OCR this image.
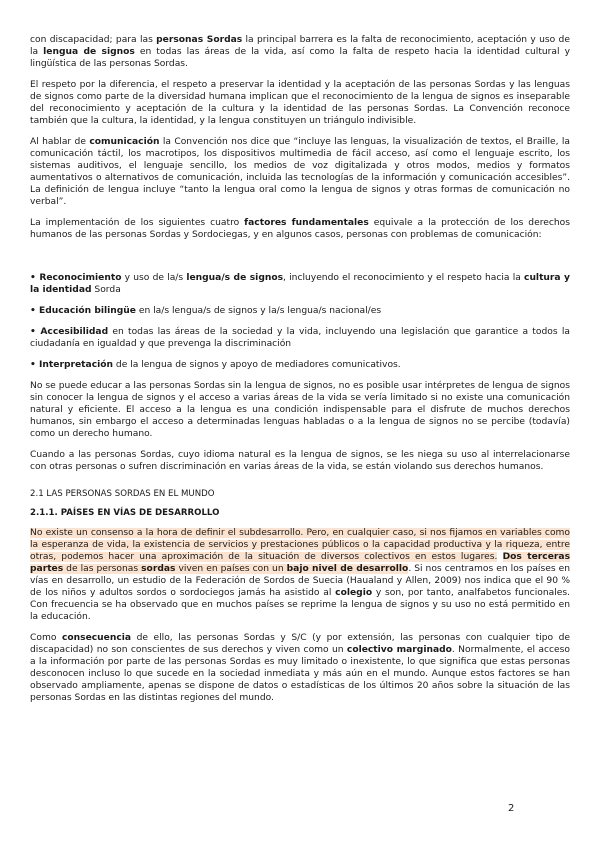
con discapacidad; para las personas Sordas la principal barrera es la falta de reconocimiento, aceptación y uso de la lengua de signos en todas las áreas de la vida, así como la falta de respeto hacia la identidad cultural y lingüística de las personas Sordas.

El respeto por la diferencia, el respeto a preservar la identidad y la aceptación de las personas Sordas y las lenguas de signos como parte de la diversidad humana implican que el reconocimiento de la lengua de signos es inseparable del reconocimiento y aceptación de la cultura y la identidad de las personas Sordas. La Convención reconoce también que la cultura, la identidad, y la lengua constituyen un triángulo indivisible.

Al hablar de comunicación la Convención nos dice que “incluye las lenguas, la visualización de textos, el Braille, la comunicación táctil, los macrotipos, los dispositivos multimedia de fácil acceso, así como el lenguaje escrito, los sistemas auditivos, el lenguaje sencillo, los medios de voz digitalizada y otros modos, medios y formatos aumentativos o alternativos de comunicación, incluida las tecnologías de la información y comunicación accesibles”. La definición de lengua incluye “tanto la lengua oral como la lengua de signos y otras formas de comunicación no verbal”.

La implementación de los siguientes cuatro factores fundamentales equivale a la protección de los derechos humanos de las personas Sordas y Sordociegas, y en algunos casos, personas con problemas de comunicación:

• Reconocimiento y uso de la/s lengua/s de signos, incluyendo el reconocimiento y el respeto hacia la cultura y la identidad Sorda

• Educación bilingüe en la/s lengua/s de signos y la/s lengua/s nacional/es

• Accesibilidad en todas las áreas de la sociedad y la vida, incluyendo una legislación que garantice a todos la ciudadanía en igualdad y que prevenga la discriminación

• Interpretación de la lengua de signos y apoyo de mediadores comunicativos.

No se puede educar a las personas Sordas sin la lengua de signos, no es posible usar intérpretes de lengua de signos sin conocer la lengua de signos y el acceso a varias áreas de la vida se vería limitado si no existe una comunicación natural y eficiente. El acceso a la lengua es una condición indispensable para el disfrute de muchos derechos humanos, sin embargo el acceso a determinadas lenguas habladas o a la lengua de signos no se percibe (todavía) como un derecho humano.

Cuando a las personas Sordas, cuyo idioma natural es la lengua de signos, se les niega su uso al interrelacionarse con otras personas o sufren discriminación en varias áreas de la vida, se están violando sus derechos humanos.

2.1 LAS PERSONAS SORDAS EN EL MUNDO
2.1.1. PAÍSES EN VÍAS DE DESARROLLO

No existe un consenso a la hora de definir el subdesarrollo. Pero, en cualquier caso, si nos fijamos en variables como la esperanza de vida, la existencia de servicios y prestaciones públicos o la capacidad productiva y la riqueza, entre otras, podemos hacer una aproximación de la situación de diversos colectivos en estos lugares. Dos terceras partes de las personas sordas viven en países con un bajo nivel de desarrollo. Si nos centramos en los países en vías en desarrollo, un estudio de la Federación de Sordos de Suecia (Haualand y Allen, 2009) nos indica que el 90 % de los niños y adultos sordos o sordociegos jamás ha asistido al colegio y son, por tanto, analfabetos funcionales. Con frecuencia se ha observado que en muchos países se reprime la lengua de signos y su uso no está permitido en la educación.

Como consecuencia de ello, las personas Sordas y S/C (y por extensión, las personas con cualquier tipo de discapacidad) no son conscientes de sus derechos y viven como un colectivo marginado. Normalmente, el acceso a la información por parte de las personas Sordas es muy limitado o inexistente, lo que significa que estas personas desconocen incluso lo que sucede en la sociedad inmediata y más aún en el mundo. Aunque estos factores se han observado ampliamente, apenas se dispone de datos o estadísticas de los últimos 20 años sobre la situación de las personas Sordas en las distintas regiones del mundo.

2
